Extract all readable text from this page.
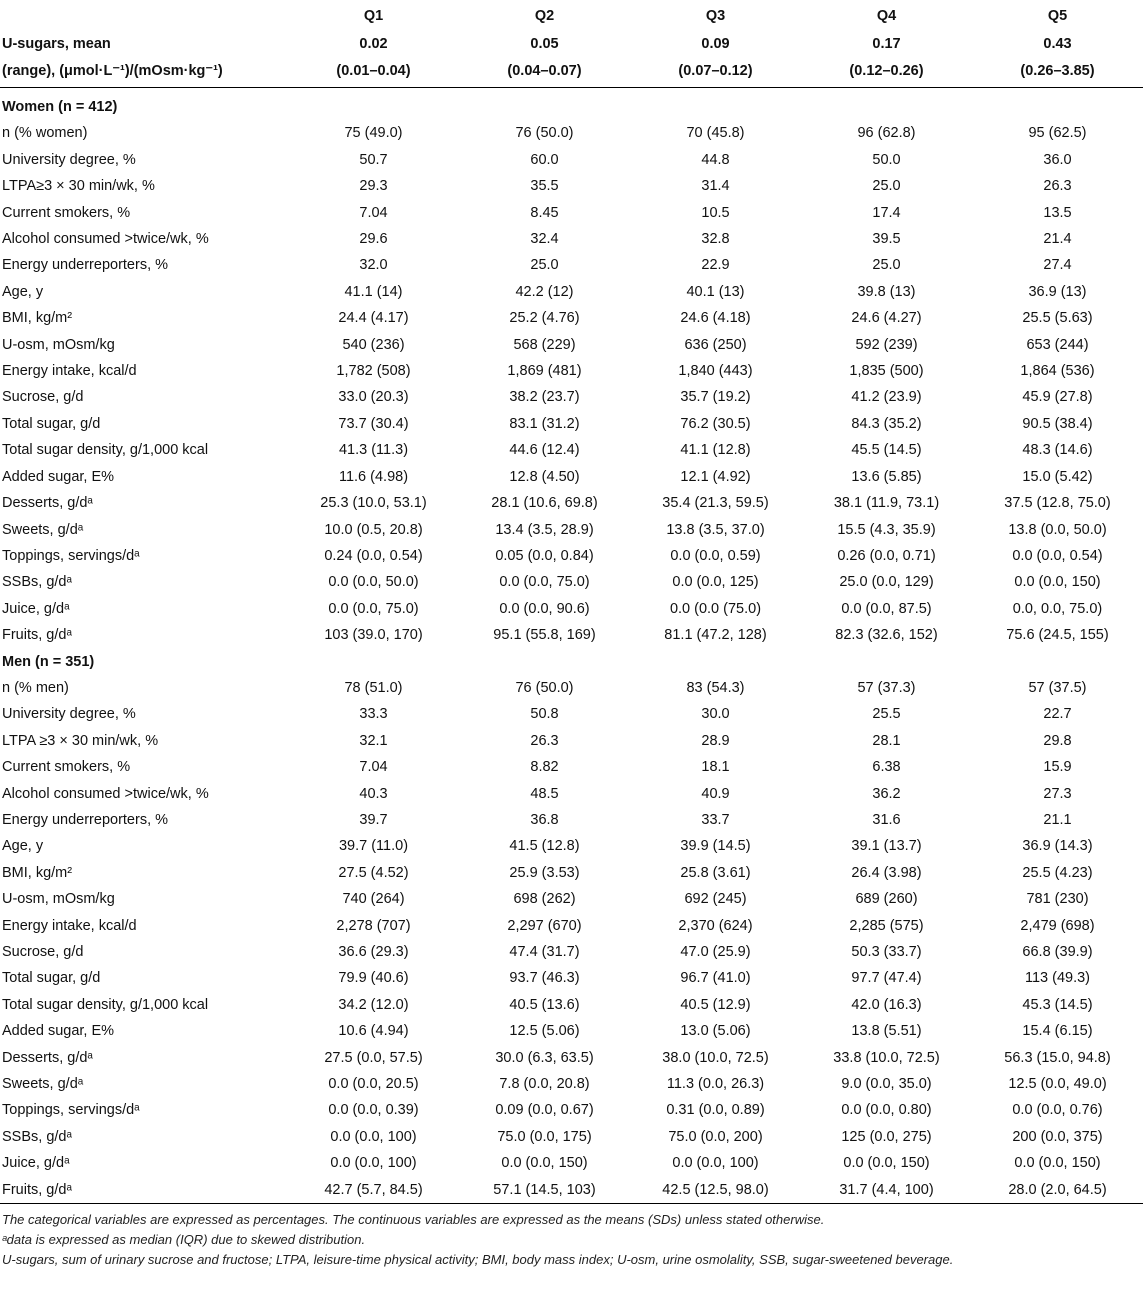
	Q1	Q2	Q3	Q4	Q5
U-sugars, mean	0.02	0.05	0.09	0.17	0.43
(range), (μmol·L⁻¹)/(mOsm·kg⁻¹)	(0.01–0.04)	(0.04–0.07)	(0.07–0.12)	(0.12–0.26)	(0.26–3.85)
Women (n = 412)					
n (% women)	75 (49.0)	76 (50.0)	70 (45.8)	96 (62.8)	95 (62.5)
University degree, %	50.7	60.0	44.8	50.0	36.0
LTPA≥3 × 30 min/wk, %	29.3	35.5	31.4	25.0	26.3
Current smokers, %	7.04	8.45	10.5	17.4	13.5
Alcohol consumed >twice/wk, %	29.6	32.4	32.8	39.5	21.4
Energy underreporters, %	32.0	25.0	22.9	25.0	27.4
Age, y	41.1 (14)	42.2 (12)	40.1 (13)	39.8 (13)	36.9 (13)
BMI, kg/m²	24.4 (4.17)	25.2 (4.76)	24.6 (4.18)	24.6 (4.27)	25.5 (5.63)
U-osm, mOsm/kg	540 (236)	568 (229)	636 (250)	592 (239)	653 (244)
Energy intake, kcal/d	1,782 (508)	1,869 (481)	1,840 (443)	1,835 (500)	1,864 (536)
Sucrose, g/d	33.0 (20.3)	38.2 (23.7)	35.7 (19.2)	41.2 (23.9)	45.9 (27.8)
Total sugar, g/d	73.7 (30.4)	83.1 (31.2)	76.2 (30.5)	84.3 (35.2)	90.5 (38.4)
Total sugar density, g/1,000 kcal	41.3 (11.3)	44.6 (12.4)	41.1 (12.8)	45.5 (14.5)	48.3 (14.6)
Added sugar, E%	11.6 (4.98)	12.8 (4.50)	12.1 (4.92)	13.6 (5.85)	15.0 (5.42)
Desserts, g/dᵃ	25.3 (10.0, 53.1)	28.1 (10.6, 69.8)	35.4 (21.3, 59.5)	38.1 (11.9, 73.1)	37.5 (12.8, 75.0)
Sweets, g/dᵃ	10.0 (0.5, 20.8)	13.4 (3.5, 28.9)	13.8 (3.5, 37.0)	15.5 (4.3, 35.9)	13.8 (0.0, 50.0)
Toppings, servings/dᵃ	0.24 (0.0, 0.54)	0.05 (0.0, 0.84)	0.0 (0.0, 0.59)	0.26 (0.0, 0.71)	0.0 (0.0, 0.54)
SSBs, g/dᵃ	0.0 (0.0, 50.0)	0.0 (0.0, 75.0)	0.0 (0.0, 125)	25.0 (0.0, 129)	0.0 (0.0, 150)
Juice, g/dᵃ	0.0 (0.0, 75.0)	0.0 (0.0, 90.6)	0.0 (0.0 (75.0)	0.0 (0.0, 87.5)	0.0, 0.0, 75.0)
Fruits, g/dᵃ	103 (39.0, 170)	95.1 (55.8, 169)	81.1 (47.2, 128)	82.3 (32.6, 152)	75.6 (24.5, 155)
Men (n = 351)					
n (% men)	78 (51.0)	76 (50.0)	83 (54.3)	57 (37.3)	57 (37.5)
University degree, %	33.3	50.8	30.0	25.5	22.7
LTPA ≥3 × 30 min/wk, %	32.1	26.3	28.9	28.1	29.8
Current smokers, %	7.04	8.82	18.1	6.38	15.9
Alcohol consumed >twice/wk, %	40.3	48.5	40.9	36.2	27.3
Energy underreporters, %	39.7	36.8	33.7	31.6	21.1
Age, y	39.7 (11.0)	41.5 (12.8)	39.9 (14.5)	39.1 (13.7)	36.9 (14.3)
BMI, kg/m²	27.5 (4.52)	25.9 (3.53)	25.8 (3.61)	26.4 (3.98)	25.5 (4.23)
U-osm, mOsm/kg	740 (264)	698 (262)	692 (245)	689 (260)	781 (230)
Energy intake, kcal/d	2,278 (707)	2,297 (670)	2,370 (624)	2,285 (575)	2,479 (698)
Sucrose, g/d	36.6 (29.3)	47.4 (31.7)	47.0 (25.9)	50.3 (33.7)	66.8 (39.9)
Total sugar, g/d	79.9 (40.6)	93.7 (46.3)	96.7 (41.0)	97.7 (47.4)	113 (49.3)
Total sugar density, g/1,000 kcal	34.2 (12.0)	40.5 (13.6)	40.5 (12.9)	42.0 (16.3)	45.3 (14.5)
Added sugar, E%	10.6 (4.94)	12.5 (5.06)	13.0 (5.06)	13.8 (5.51)	15.4 (6.15)
Desserts, g/dᵃ	27.5 (0.0, 57.5)	30.0 (6.3, 63.5)	38.0 (10.0, 72.5)	33.8 (10.0, 72.5)	56.3 (15.0, 94.8)
Sweets, g/dᵃ	0.0 (0.0, 20.5)	7.8 (0.0, 20.8)	11.3 (0.0, 26.3)	9.0 (0.0, 35.0)	12.5 (0.0, 49.0)
Toppings, servings/dᵃ	0.0 (0.0, 0.39)	0.09 (0.0, 0.67)	0.31 (0.0, 0.89)	0.0 (0.0, 0.80)	0.0 (0.0, 0.76)
SSBs, g/dᵃ	0.0 (0.0, 100)	75.0 (0.0, 175)	75.0 (0.0, 200)	125 (0.0, 275)	200 (0.0, 375)
Juice, g/dᵃ	0.0 (0.0, 100)	0.0 (0.0, 150)	0.0 (0.0, 100)	0.0 (0.0, 150)	0.0 (0.0, 150)
Fruits, g/dᵃ	42.7 (5.7, 84.5)	57.1 (14.5, 103)	42.5 (12.5, 98.0)	31.7 (4.4, 100)	28.0 (2.0, 64.5)

The categorical variables are expressed as percentages. The continuous variables are expressed as the means (SDs) unless stated otherwise.

ᵃdata is expressed as median (IQR) due to skewed distribution.

U-sugars, sum of urinary sucrose and fructose; LTPA, leisure-time physical activity; BMI, body mass index; U-osm, urine osmolality, SSB, sugar-sweetened beverage.
